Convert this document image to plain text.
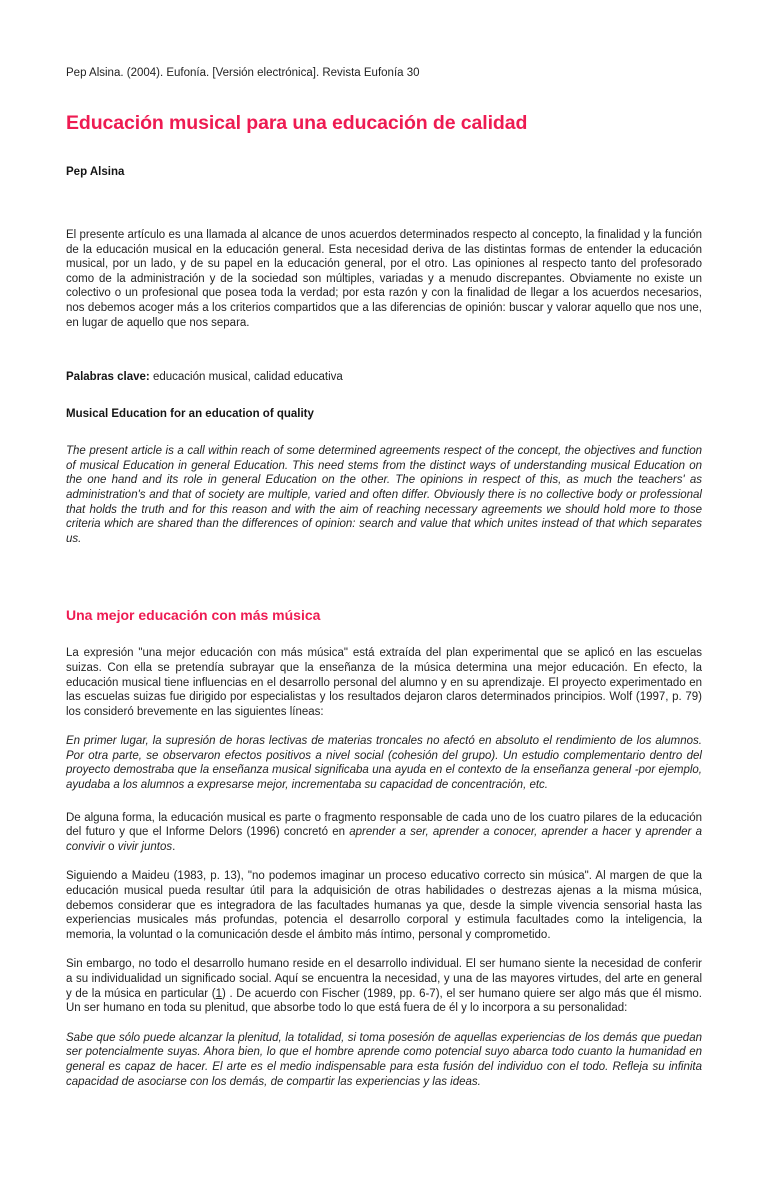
Pep Alsina. (2004). Eufonía. [Versión electrónica]. Revista Eufonía 30

Educación musical para una educación de calidad

Pep Alsina

El presente artículo es una llamada al alcance de unos acuerdos determinados respecto al concepto, la finalidad y la función de la educación musical en la educación general. Esta necesidad deriva de las distintas formas de entender la educación musical, por un lado, y de su papel en la educación general, por el otro. Las opiniones al respecto tanto del profesorado como de la administración y de la sociedad son múltiples, variadas y a menudo discrepantes. Obviamente no existe un colectivo o un profesional que posea toda la verdad; por esta razón y con la finalidad de llegar a los acuerdos necesarios, nos debemos acoger más a los criterios compartidos que a las diferencias de opinión: buscar y valorar aquello que nos une, en lugar de aquello que nos separa.

Palabras clave: educación musical, calidad educativa

Musical Education for an education of quality

The present article is a call within reach of some determined agreements respect of the concept, the objectives and function of musical Education in general Education. This need stems from the distinct ways of understanding musical Education on the one hand and its role in general Education on the other. The opinions in respect of this, as much the teachers' as administration's and that of society are multiple, varied and often differ. Obviously there is no collective body or professional that holds the truth and for this reason and with the aim of reaching necessary agreements we should hold more to those criteria which are shared than the differences of opinion: search and value that which unites instead of that which separates us.

Una mejor educación con más música

La expresión "una mejor educación con más música" está extraída del plan experimental que se aplicó en las escuelas suizas. Con ella se pretendía subrayar que la enseñanza de la música determina una mejor educación. En efecto, la educación musical tiene influencias en el desarrollo personal del alumno y en su aprendizaje. El proyecto experimentado en las escuelas suizas fue dirigido por especialistas y los resultados dejaron claros determinados principios. Wolf (1997, p. 79) los consideró brevemente en las siguientes líneas:

En primer lugar, la supresión de horas lectivas de materias troncales no afectó en absoluto el rendimiento de los alumnos. Por otra parte, se observaron efectos positivos a nivel social (cohesión del grupo). Un estudio complementario dentro del proyecto demostraba que la enseñanza musical significaba una ayuda en el contexto de la enseñanza general -por ejemplo, ayudaba a los alumnos a expresarse mejor, incrementaba su capacidad de concentración, etc.

De alguna forma, la educación musical es parte o fragmento responsable de cada uno de los cuatro pilares de la educación del futuro y que el Informe Delors (1996) concretó en aprender a ser, aprender a conocer, aprender a hacer y aprender a convivir o vivir juntos.

Siguiendo a Maideu (1983, p. 13), "no podemos imaginar un proceso educativo correcto sin música". Al margen de que la educación musical pueda resultar útil para la adquisición de otras habilidades o destrezas ajenas a la misma música, debemos considerar que es integradora de las facultades humanas ya que, desde la simple vivencia sensorial hasta las experiencias musicales más profundas, potencia el desarrollo corporal y estimula facultades como la inteligencia, la memoria, la voluntad o la comunicación desde el ámbito más íntimo, personal y comprometido.

Sin embargo, no todo el desarrollo humano reside en el desarrollo individual. El ser humano siente la necesidad de conferir a su individualidad un significado social. Aquí se encuentra la necesidad, y una de las mayores virtudes, del arte en general y de la música en particular (1) . De acuerdo con Fischer (1989, pp. 6-7), el ser humano quiere ser algo más que él mismo. Un ser humano en toda su plenitud, que absorbe todo lo que está fuera de él y lo incorpora a su personalidad:

Sabe que sólo puede alcanzar la plenitud, la totalidad, si toma posesión de aquellas experiencias de los demás que puedan ser potencialmente suyas. Ahora bien, lo que el hombre aprende como potencial suyo abarca todo cuanto la humanidad en general es capaz de hacer. El arte es el medio indispensable para esta fusión del individuo con el todo. Refleja su infinita capacidad de asociarse con los demás, de compartir las experiencias y las ideas.
